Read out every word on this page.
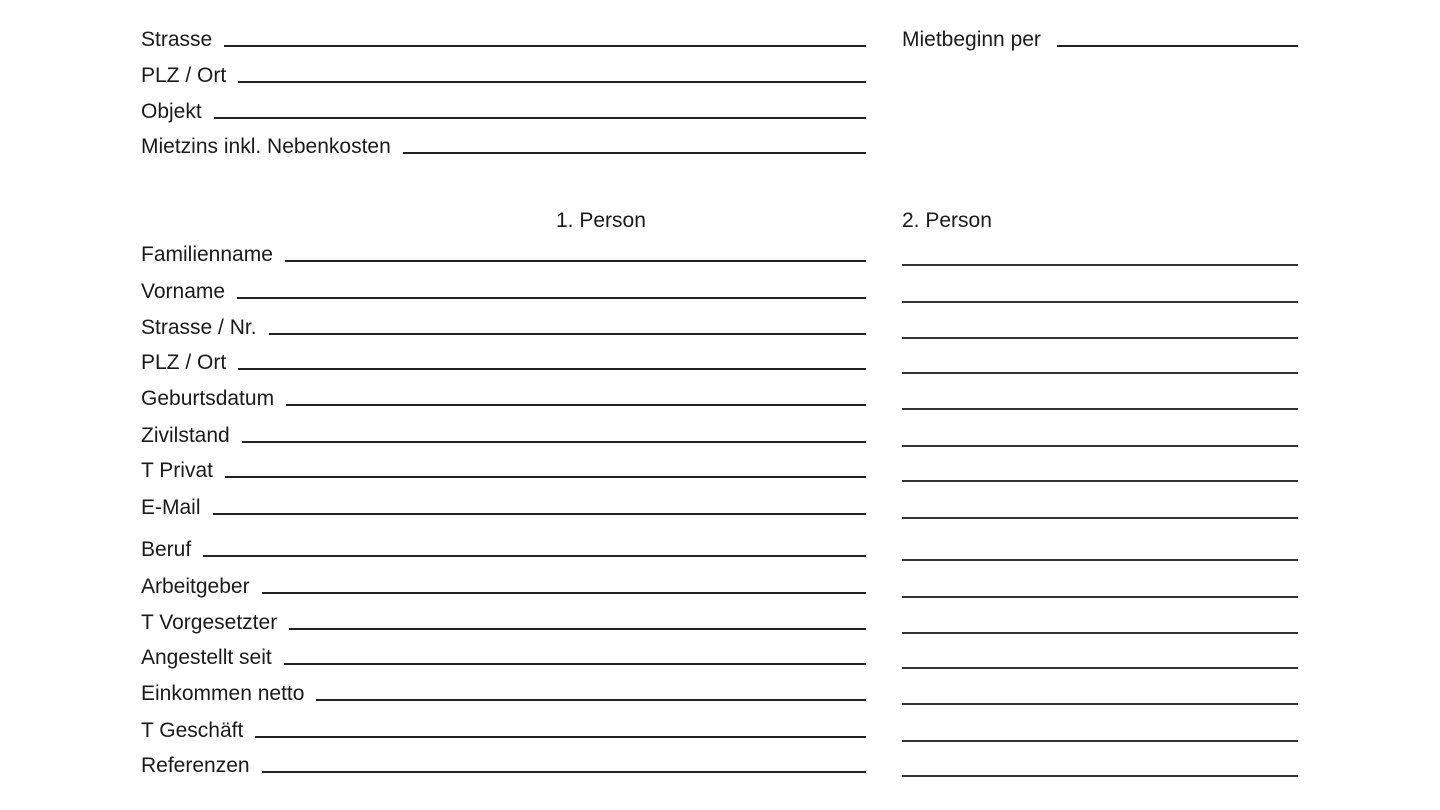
Strasse
PLZ / Ort
Objekt
Mietzins inkl. Nebenkosten
Mietbeginn per
1. Person	2. Person
Familienname
Vorname
Strasse / Nr.
PLZ / Ort
Geburtsdatum
Zivilstand
T Privat
E-Mail
Beruf
Arbeitgeber
T Vorgesetzter
Angestellt seit
Einkommen netto
T Geschäft
Referenzen
